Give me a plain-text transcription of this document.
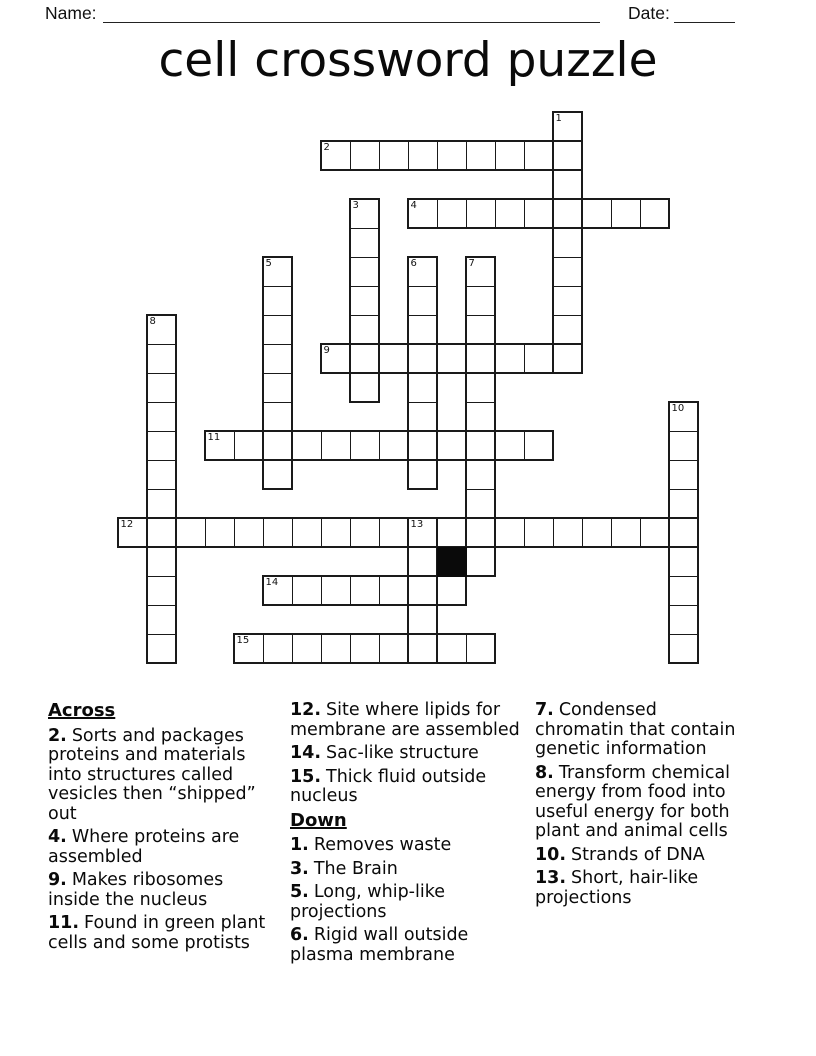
Name:	Date:
cell crossword puzzle
1
2
3	4
5	6	7
8
9
10
11
12	13
14
15

Across

2. Sorts and packages proteins and materials into structures called vesicles then “shipped” out

4. Where proteins are assembled

9. Makes ribosomes inside the nucleus

11. Found in green plant cells and some protists

12. Site where lipids for membrane are assembled

14. Sac-like structure

15. Thick fluid outside nucleus

Down

1. Removes waste

3. The Brain

5. Long, whip-like projections

6. Rigid wall outside plasma membrane

7. Condensed chromatin that contain genetic information

8. Transform chemical energy from food into useful energy for both plant and animal cells

10. Strands of DNA

13. Short, hair-like projections
